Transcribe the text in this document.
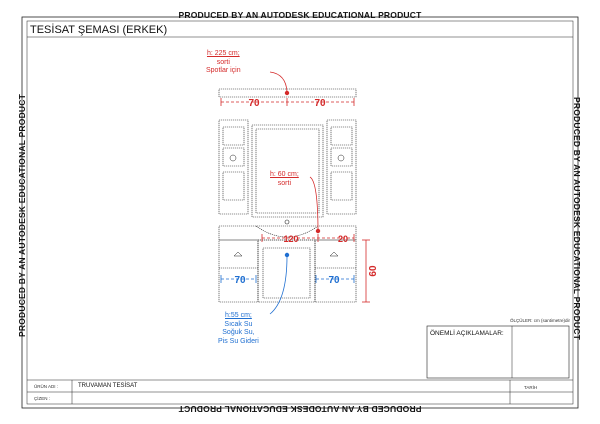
70	70
120	20
70	70
60
PRODUCED BY AN AUTODESK EDUCATIONAL PRODUCT
PRODUCED BY AN AUTODESK EDUCATIONAL PRODUCT
PRODUCED BY AN AUTODESK EDUCATIONAL PRODUCT	PRODUCED BY AN AUTODESK EDUCATIONAL PRODUCT
TESİSAT ŞEMASI (ERKEK)
h: 225 cm;
sorti
Spotlar için
h: 60 cm;
sorti
h:55 cm;
Sıcak Su
Soğuk Su,
Pis Su Gideri
ÖLÇÜLER: cm (santimetre)dir
ÖNEMLİ AÇIKLAMALAR:
ÜRÜN ADI :	TRUVAMAN TESİSAT
ÇİZEN :
TARİH
